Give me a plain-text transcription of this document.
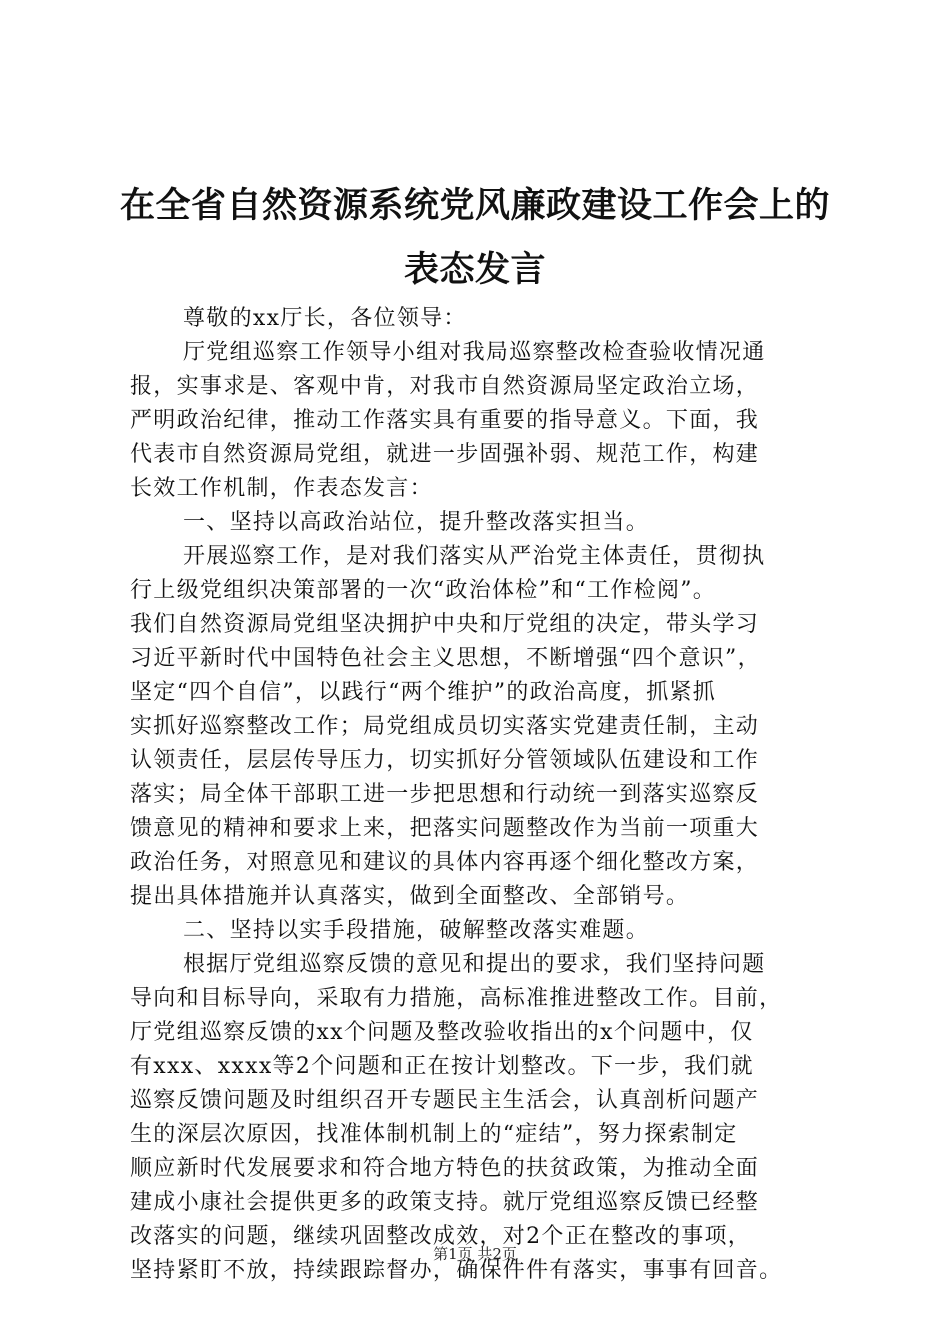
在全省自然资源系统党风廉政建设工作会上的
表态发言
尊敬的xx厅长，各位领导：
厅党组巡察工作领导小组对我局巡察整改检查验收情况通
报，实事求是、客观中肯，对我市自然资源局坚定政治立场，
严明政治纪律，推动工作落实具有重要的指导意义。下面，我
代表市自然资源局党组，就进一步固强补弱、规范工作，构建
长效工作机制，作表态发言：
一、坚持以高政治站位，提升整改落实担当。
开展巡察工作，是对我们落实从严治党主体责任，贯彻执
行上级党组织决策部署的一次“政治体检”和“工作检阅”。
我们自然资源局党组坚决拥护中央和厅党组的决定，带头学习
习近平新时代中国特色社会主义思想，不断增强“四个意识”，
坚定“四个自信”，以践行“两个维护”的政治高度，抓紧抓
实抓好巡察整改工作；局党组成员切实落实党建责任制，主动
认领责任，层层传导压力，切实抓好分管领域队伍建设和工作
落实；局全体干部职工进一步把思想和行动统一到落实巡察反
馈意见的精神和要求上来，把落实问题整改作为当前一项重大
政治任务，对照意见和建议的具体内容再逐个细化整改方案，
提出具体措施并认真落实，做到全面整改、全部销号。
二、坚持以实手段措施，破解整改落实难题。
根据厅党组巡察反馈的意见和提出的要求，我们坚持问题
导向和目标导向，采取有力措施，高标准推进整改工作。目前，
厅党组巡察反馈的xx个问题及整改验收指出的x个问题中，仅
有xxx、xxxx等2个问题和正在按计划整改。下一步，我们就
巡察反馈问题及时组织召开专题民主生活会，认真剖析问题产
生的深层次原因，找准体制机制上的“症结”，努力探索制定
顺应新时代发展要求和符合地方特色的扶贫政策，为推动全面
建成小康社会提供更多的政策支持。就厅党组巡察反馈已经整
改落实的问题，继续巩固整改成效，对2个正在整改的事项，
坚持紧盯不放，持续跟踪督办，确保件件有落实，事事有回音。
第1页 共2页
